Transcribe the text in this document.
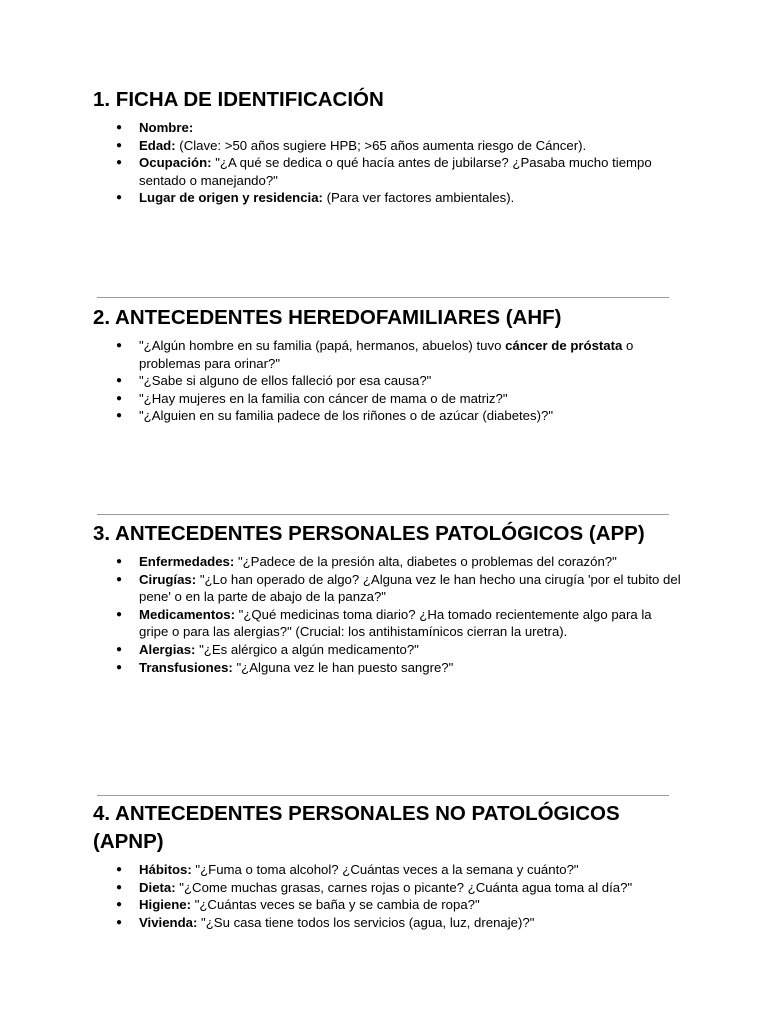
1. FICHA DE IDENTIFICACIÓN
● Nombre:
● Edad: (Clave: >50 años sugiere HPB; >65 años aumenta riesgo de Cáncer).
● Ocupación: "¿A qué se dedica o qué hacía antes de jubilarse? ¿Pasaba mucho tiempo sentado o manejando?"
● Lugar de origen y residencia: (Para ver factores ambientales).
2. ANTECEDENTES HEREDOFAMILIARES (AHF)
● "¿Algún hombre en su familia (papá, hermanos, abuelos) tuvo cáncer de próstata o problemas para orinar?"
● "¿Sabe si alguno de ellos falleció por esa causa?"
● "¿Hay mujeres en la familia con cáncer de mama o de matriz?"
● "¿Alguien en su familia padece de los riñones o de azúcar (diabetes)?"
3. ANTECEDENTES PERSONALES PATOLÓGICOS (APP)
● Enfermedades: "¿Padece de la presión alta, diabetes o problemas del corazón?"
● Cirugías: "¿Lo han operado de algo? ¿Alguna vez le han hecho una cirugía 'por el tubito del pene' o en la parte de abajo de la panza?"
● Medicamentos: "¿Qué medicinas toma diario? ¿Ha tomado recientemente algo para la gripe o para las alergias?" (Crucial: los antihistamínicos cierran la uretra).
● Alergias: "¿Es alérgico a algún medicamento?"
● Transfusiones: "¿Alguna vez le han puesto sangre?"
4. ANTECEDENTES PERSONALES NO PATOLÓGICOS (APNP)
● Hábitos: "¿Fuma o toma alcohol? ¿Cuántas veces a la semana y cuánto?"
● Dieta: "¿Come muchas grasas, carnes rojas o picante? ¿Cuánta agua toma al día?"
● Higiene: "¿Cuántas veces se baña y se cambia de ropa?"
● Vivienda: "¿Su casa tiene todos los servicios (agua, luz, drenaje)?"
